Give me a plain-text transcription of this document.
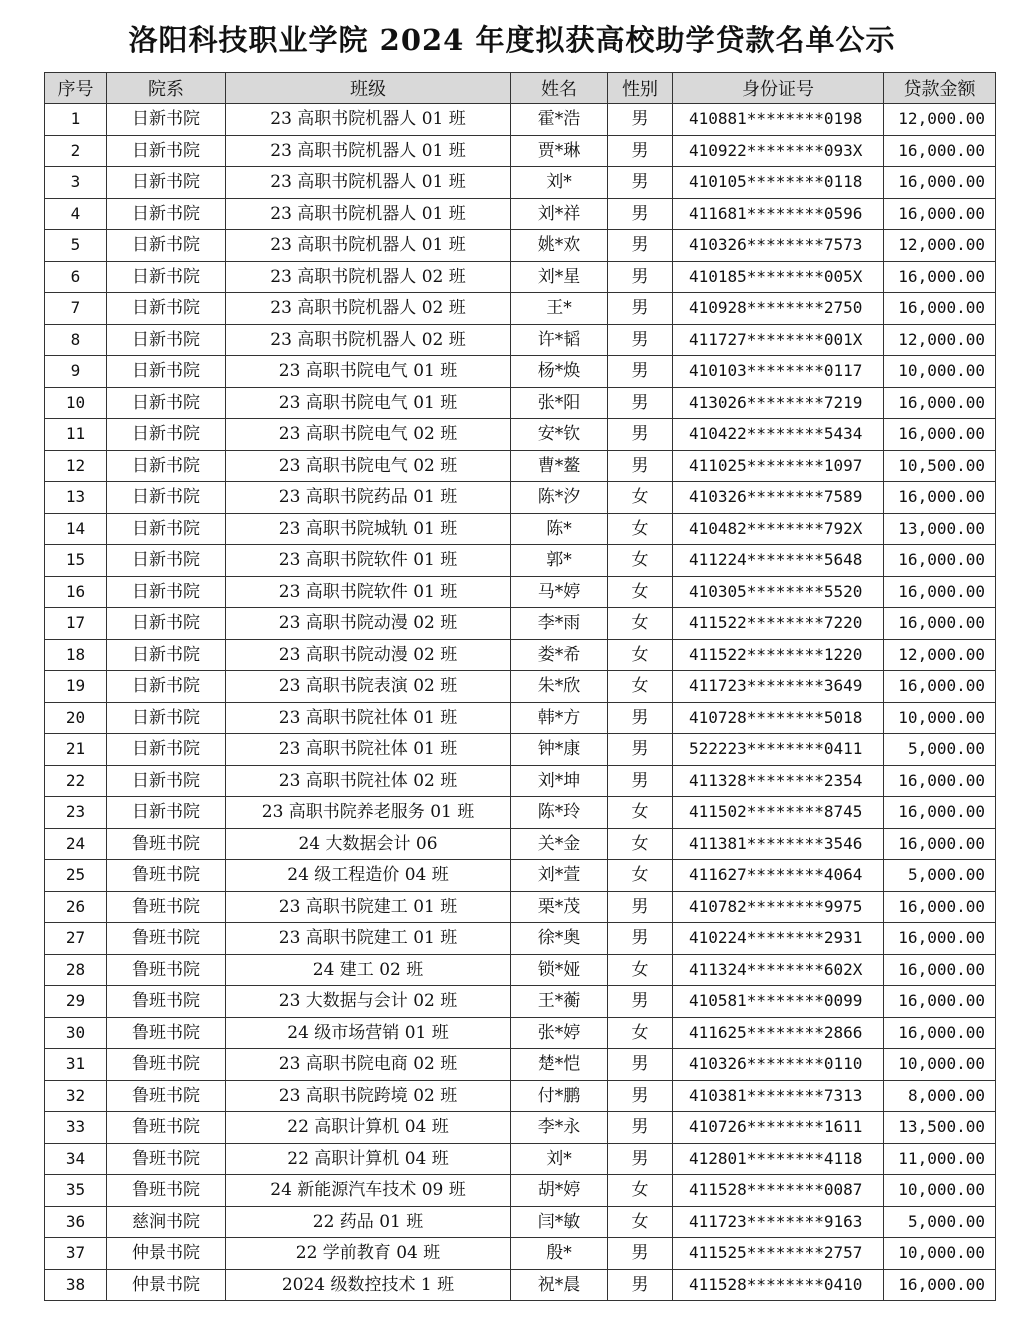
洛阳科技职业学院 2024 年度拟获高校助学贷款名单公示
序号	院系	班级	姓名	性别	身份证号	贷款金额
1	日新书院	23 高职书院机器人 01 班	霍*浩	男	410881********0198	12,000.00
2	日新书院	23 高职书院机器人 01 班	贾*琳	男	410922********093X	16,000.00
3	日新书院	23 高职书院机器人 01 班	刘*	男	410105********0118	16,000.00
4	日新书院	23 高职书院机器人 01 班	刘*祥	男	411681********0596	16,000.00
5	日新书院	23 高职书院机器人 01 班	姚*欢	男	410326********7573	12,000.00
6	日新书院	23 高职书院机器人 02 班	刘*星	男	410185********005X	16,000.00
7	日新书院	23 高职书院机器人 02 班	王*	男	410928********2750	16,000.00
8	日新书院	23 高职书院机器人 02 班	许*韬	男	411727********001X	12,000.00
9	日新书院	23 高职书院电气 01 班	杨*焕	男	410103********0117	10,000.00
10	日新书院	23 高职书院电气 01 班	张*阳	男	413026********7219	16,000.00
11	日新书院	23 高职书院电气 02 班	安*钦	男	410422********5434	16,000.00
12	日新书院	23 高职书院电气 02 班	曹*鳌	男	411025********1097	10,500.00
13	日新书院	23 高职书院药品 01 班	陈*汐	女	410326********7589	16,000.00
14	日新书院	23 高职书院城轨 01 班	陈*	女	410482********792X	13,000.00
15	日新书院	23 高职书院软件 01 班	郭*	女	411224********5648	16,000.00
16	日新书院	23 高职书院软件 01 班	马*婷	女	410305********5520	16,000.00
17	日新书院	23 高职书院动漫 02 班	李*雨	女	411522********7220	16,000.00
18	日新书院	23 高职书院动漫 02 班	娄*希	女	411522********1220	12,000.00
19	日新书院	23 高职书院表演 02 班	朱*欣	女	411723********3649	16,000.00
20	日新书院	23 高职书院社体 01 班	韩*方	男	410728********5018	10,000.00
21	日新书院	23 高职书院社体 01 班	钟*康	男	522223********0411	5,000.00
22	日新书院	23 高职书院社体 02 班	刘*坤	男	411328********2354	16,000.00
23	日新书院	23 高职书院养老服务 01 班	陈*玲	女	411502********8745	16,000.00
24	鲁班书院	24 大数据会计 06	关*金	女	411381********3546	16,000.00
25	鲁班书院	24 级工程造价 04 班	刘*萱	女	411627********4064	5,000.00
26	鲁班书院	23 高职书院建工 01 班	栗*茂	男	410782********9975	16,000.00
27	鲁班书院	23 高职书院建工 01 班	徐*奥	男	410224********2931	16,000.00
28	鲁班书院	24 建工 02 班	锁*娅	女	411324********602X	16,000.00
29	鲁班书院	23 大数据与会计 02 班	王*蘅	男	410581********0099	16,000.00
30	鲁班书院	24 级市场营销 01 班	张*婷	女	411625********2866	16,000.00
31	鲁班书院	23 高职书院电商 02 班	楚*恺	男	410326********0110	10,000.00
32	鲁班书院	23 高职书院跨境 02 班	付*鹏	男	410381********7313	8,000.00
33	鲁班书院	22 高职计算机 04 班	李*永	男	410726********1611	13,500.00
34	鲁班书院	22 高职计算机 04 班	刘*	男	412801********4118	11,000.00
35	鲁班书院	24 新能源汽车技术 09 班	胡*婷	女	411528********0087	10,000.00
36	慈涧书院	22 药品 01 班	闫*敏	女	411723********9163	5,000.00
37	仲景书院	22 学前教育 04 班	殷*	男	411525********2757	10,000.00
38	仲景书院	2024 级数控技术 1 班	祝*晨	男	411528********0410	16,000.00
